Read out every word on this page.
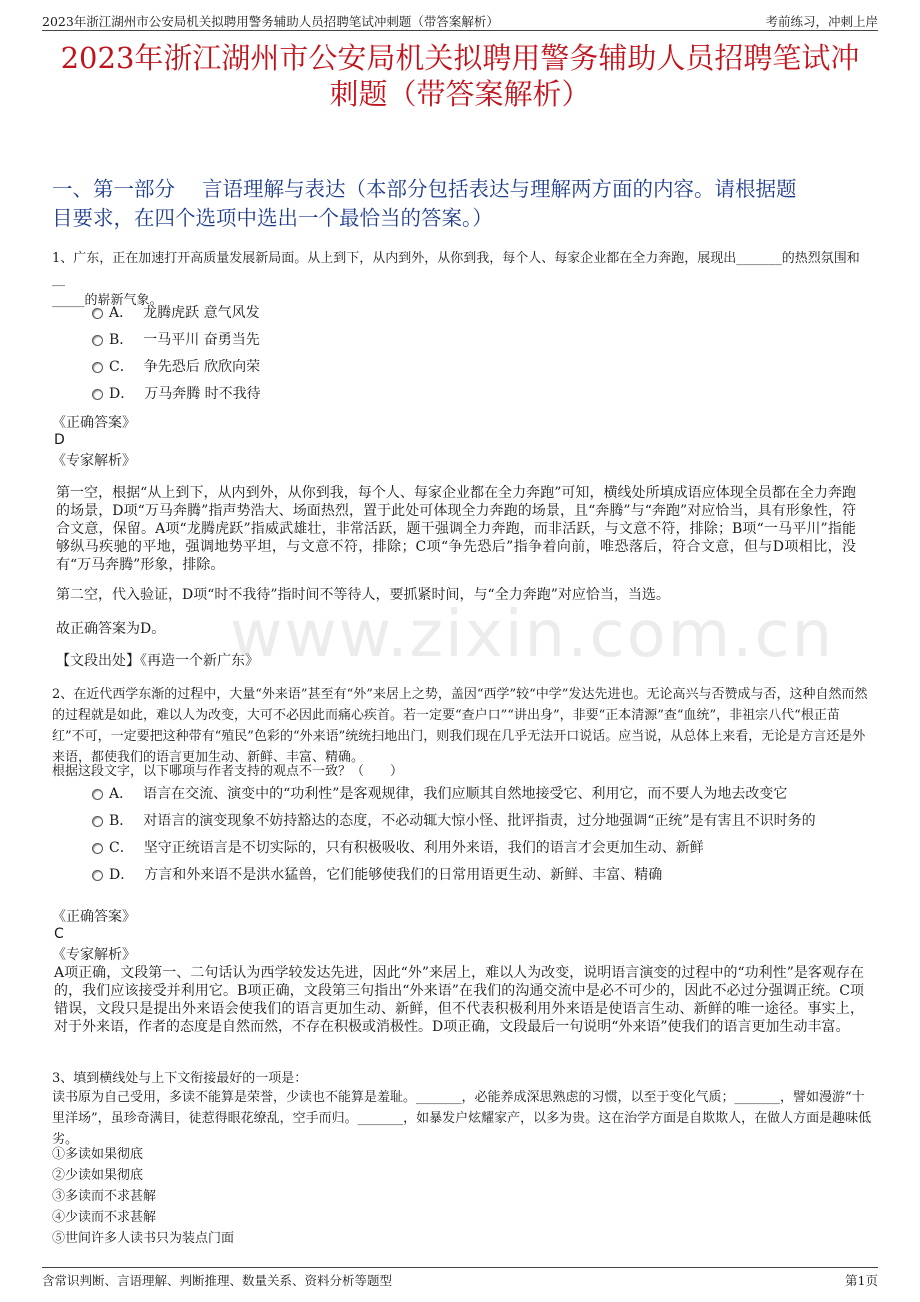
2023年浙江湖州市公安局机关拟聘用警务辅助人员招聘笔试冲刺题（带答案解析）	考前练习，冲刺上岸
2023年浙江湖州市公安局机关拟聘用警务辅助人员招聘笔试冲
刺题（带答案解析）
一、第一部分　 言语理解与表达（本部分包括表达与理解两方面的内容。请根据题
目要求，在四个选项中选出一个最恰当的答案。）
1、广东，正在加速打开高质量发展新局面。从上到下，从内到外，从你到我，每个人、每家企业都在全力奔跑，展现出_______的热烈氛围和__
_____的崭新气象。
A． 龙腾虎跃 意气风发
B． 一马平川 奋勇当先
C． 争先恐后 欣欣向荣
D． 万马奔腾 时不我待
《正确答案》
D
《专家解析》
第一空，根据“从上到下，从内到外，从你到我，每个人、每家企业都在全力奔跑”可知，横线处所填成语应体现全员都在全力奔跑的场景，D项“万马奔腾”指声势浩大、场面热烈，置于此处可体现全力奔跑的场景，且“奔腾”与“奔跑”对应恰当，具有形象性，符合文意，保留。A项“龙腾虎跃”指威武雄壮，非常活跃，题干强调全力奔跑，而非活跃，与文意不符，排除；B项“一马平川”指能够纵马疾驰的平地，强调地势平坦，与文意不符，排除；C项“争先恐后”指争着向前，唯恐落后，符合文意，但与D项相比，没有“万马奔腾”形象，排除。
第二空，代入验证，D项“时不我待”指时间不等待人，要抓紧时间，与“全力奔跑”对应恰当，当选。
故正确答案为D。
【文段出处】《再造一个新广东》
2、在近代西学东渐的过程中，大量“外来语”甚至有“外”来居上之势，盖因“西学”较“中学”发达先进也。无论高兴与否赞成与否，这种自然而然的过程就是如此，难以人为改变，大可不必因此而痛心疾首。若一定要“查户口”“讲出身”，非要“正本清源”查“血统”，非祖宗八代“根正苗红”不可，一定要把这种带有“殖民”色彩的“外来语”统统扫地出门，则我们现在几乎无法开口说话。应当说，从总体上来看，无论是方言还是外来语，都使我们的语言更加生动、新鲜、丰富、精确。
根据这段文字，以下哪项与作者支持的观点不一致？（　　）
A． 语言在交流、演变中的“功利性”是客观规律，我们应顺其自然地接受它、利用它，而不要人为地去改变它
B． 对语言的演变现象不妨持豁达的态度，不必动辄大惊小怪、批评指责，过分地强调“正统”是有害且不识时务的
C． 坚守正统语言是不切实际的，只有积极吸收、利用外来语，我们的语言才会更加生动、新鲜
D． 方言和外来语不是洪水猛兽，它们能够使我们的日常用语更生动、新鲜、丰富、精确
《正确答案》
C
《专家解析》
A项正确，文段第一、二句话认为西学较发达先进，因此“外”来居上，难以人为改变，说明语言演变的过程中的“功利性”是客观存在的，我们应该接受并利用它。B项正确，文段第三句指出“外来语”在我们的沟通交流中是必不可少的，因此不必过分强调正统。C项错误，文段只是提出外来语会使我们的语言更加生动、新鲜，但不代表积极利用外来语是使语言生动、新鲜的唯一途径。事实上，对于外来语，作者的态度是自然而然，不存在积极或消极性。D项正确，文段最后一句说明“外来语”使我们的语言更加生动丰富。
3、填到横线处与上下文衔接最好的一项是：
读书原为自己受用，多读不能算是荣誉，少读也不能算是羞耻。_______，必能养成深思熟虑的习惯，以至于变化气质；_______，譬如漫游“十里洋场”，虽珍奇满目，徒惹得眼花缭乱，空手而归。_______，如暴发户炫耀家产，以多为贵。这在治学方面是自欺欺人，在做人方面是趣味低劣。
①多读如果彻底
②少读如果彻底
③多读而不求甚解
④少读而不求甚解
⑤世间许多人读书只为装点门面
www.zixin.com.cn
含常识判断、言语理解、判断推理、数量关系、资料分析等题型	第1页
